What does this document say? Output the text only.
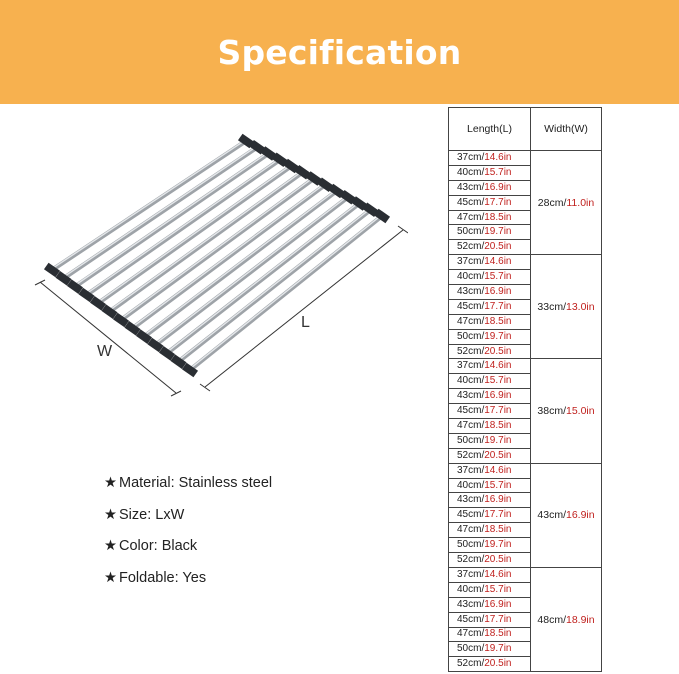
Specification
L
W
★ Material: Stainless steel
★ Size: LxW
★ Color: Black
★ Foldable: Yes
Length(L)	Width(W)
37cm/14.6in	28cm/11.0in
40cm/15.7in	
43cm/16.9in	
45cm/17.7in	
47cm/18.5in	
50cm/19.7in	
52cm/20.5in	
37cm/14.6in	33cm/13.0in
40cm/15.7in	
43cm/16.9in	
45cm/17.7in	
47cm/18.5in	
50cm/19.7in	
52cm/20.5in	
37cm/14.6in	38cm/15.0in
40cm/15.7in	
43cm/16.9in	
45cm/17.7in	
47cm/18.5in	
50cm/19.7in	
52cm/20.5in	
37cm/14.6in	43cm/16.9in
40cm/15.7in	
43cm/16.9in	
45cm/17.7in	
47cm/18.5in	
50cm/19.7in	
52cm/20.5in	
37cm/14.6in	48cm/18.9in
40cm/15.7in	
43cm/16.9in	
45cm/17.7in	
47cm/18.5in	
50cm/19.7in	
52cm/20.5in	
